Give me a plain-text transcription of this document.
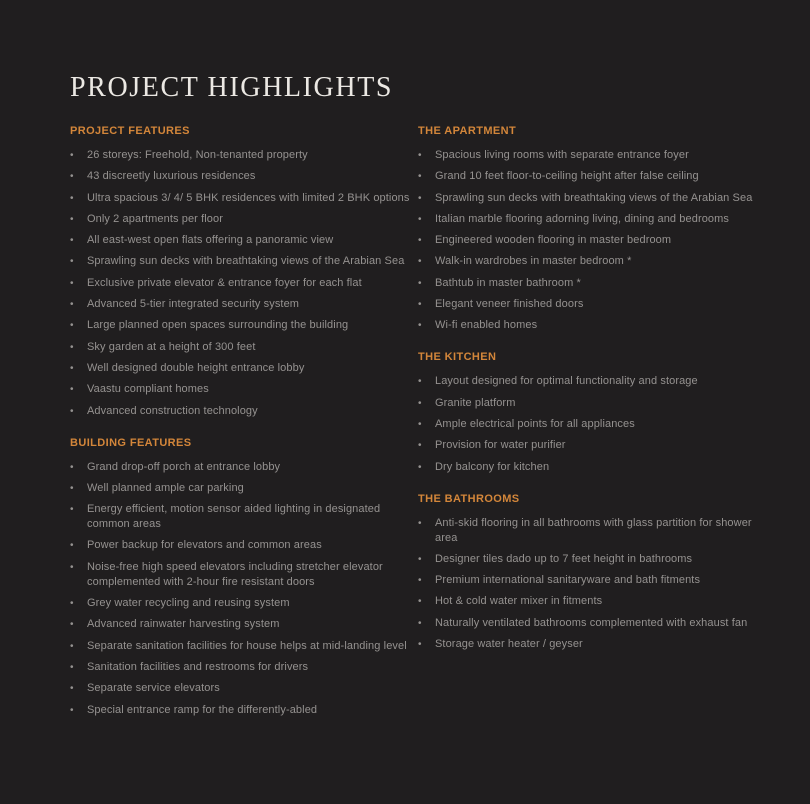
PROJECT HIGHLIGHTS
PROJECT FEATURES
•	26 storeys: Freehold, Non-tenanted property
•	43 discreetly luxurious residences
•	Ultra spacious 3/ 4/ 5 BHK residences with limited 2 BHK options
•	Only 2 apartments per floor
•	All east-west open flats offering a panoramic view
•	Sprawling sun decks with breathtaking views of the Arabian Sea
•	Exclusive private elevator & entrance foyer for each flat
•	Advanced 5-tier integrated security system
•	Large planned open spaces surrounding the building
•	Sky garden at a height of 300 feet
•	Well designed double height entrance lobby
•	Vaastu compliant homes
•	Advanced construction technology
BUILDING FEATURES
•	Grand drop-off porch at entrance lobby
•	Well planned ample car parking
•	Energy efficient, motion sensor aided lighting in designated common areas
•	Power backup for elevators and common areas
•	Noise-free high speed elevators including stretcher elevator complemented with 2-hour fire resistant doors
•	Grey water recycling and reusing system
•	Advanced rainwater harvesting system
•	Separate sanitation facilities for house helps at mid-landing level
•	Sanitation facilities and restrooms for drivers
•	Separate service elevators
•	Special entrance ramp for the differently-abled
THE APARTMENT
•	Spacious living rooms with separate entrance foyer
•	Grand 10 feet floor-to-ceiling height after false ceiling
•	Sprawling sun decks with breathtaking views of the Arabian Sea
•	Italian marble flooring adorning living, dining and bedrooms
•	Engineered wooden flooring in master bedroom
•	Walk-in wardrobes in master bedroom *
•	Bathtub in master bathroom *
•	Elegant veneer finished doors
•	Wi-fi enabled homes
THE KITCHEN
•	Layout designed for optimal functionality and storage
•	Granite platform
•	Ample electrical points for all appliances
•	Provision for water purifier
•	Dry balcony for kitchen
THE BATHROOMS
•	Anti-skid flooring in all bathrooms with glass partition for shower area
•	Designer tiles dado up to 7 feet height in bathrooms
•	Premium international sanitaryware and bath fitments
•	Hot & cold water mixer in fitments
•	Naturally ventilated bathrooms complemented with exhaust fan
•	Storage water heater / geyser
